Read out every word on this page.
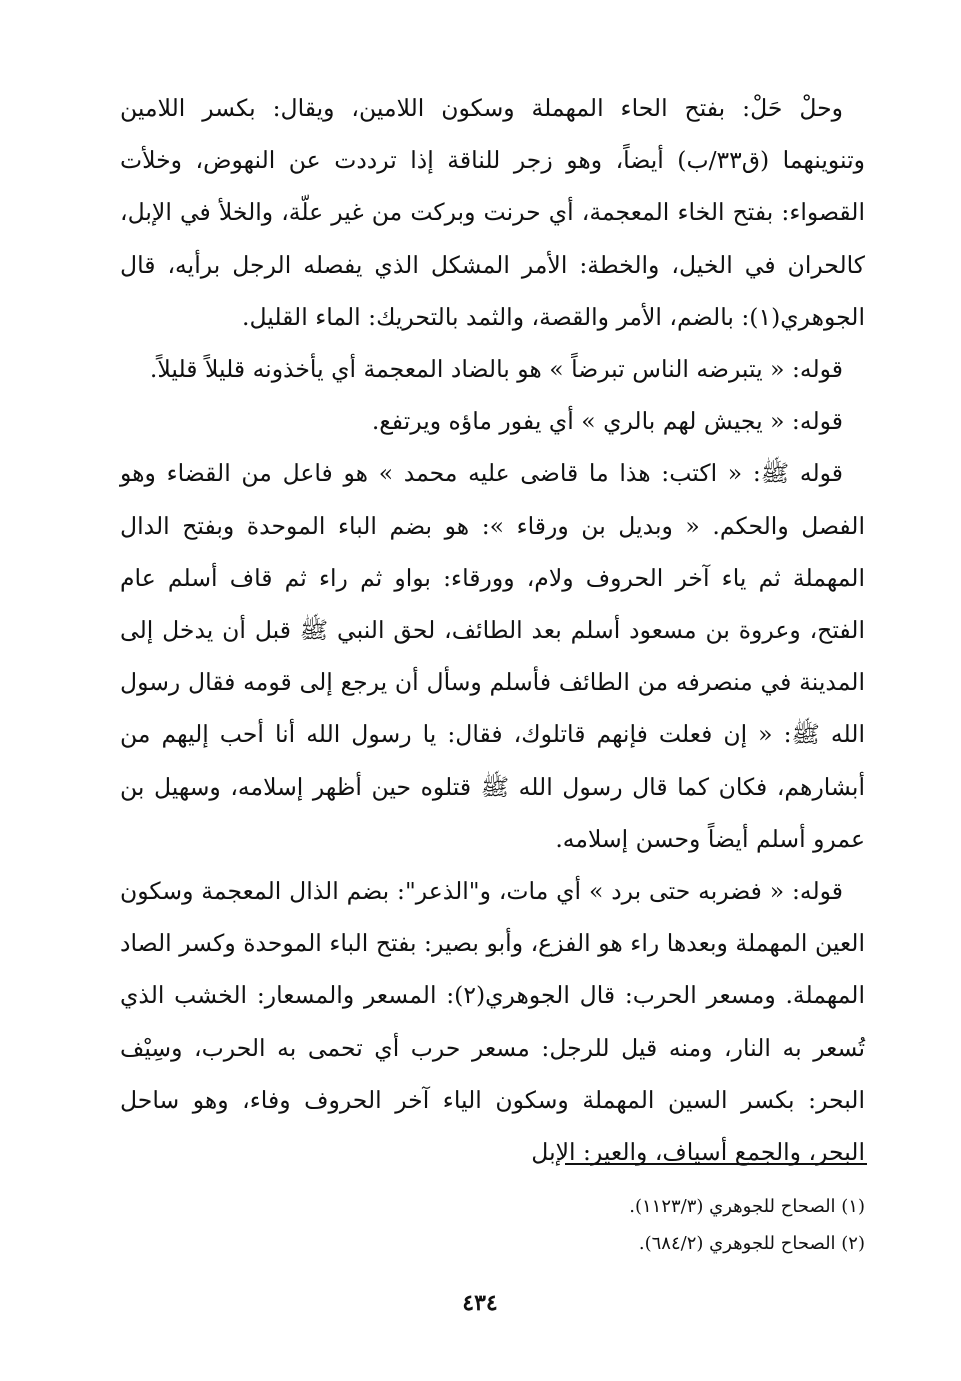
وحلْ حَلْ: بفتح الحاء المهملة وسكون اللامين، ويقال: بكسر اللامين وتنوينهما (ق٣٣/ب) أيضاً، وهو زجر للناقة إذا ترددت عن النهوض، وخلأت القصواء: بفتح الخاء المعجمة، أي حرنت وبركت من غير علّة، والخلأ في الإبل، كالحران في الخيل، والخطة: الأمر المشكل الذي يفصله الرجل برأيه، قال الجوهري(١): بالضم، الأمر والقصة، والثمد بالتحريك: الماء القليل.

قوله: « يتبرضه الناس تبرضاً » هو بالضاد المعجمة أي يأخذونه قليلاً قليلاً.

قوله: « يجيش لهم بالري » أي يفور ماؤه ويرتفع.

قوله ﷺ: « اكتب: هذا ما قاضى عليه محمد » هو فاعل من القضاء وهو الفصل والحكم. « وبديل بن ورقاء »: هو بضم الباء الموحدة وبفتح الدال المهملة ثم ياء آخر الحروف ولام، وورقاء: بواو ثم راء ثم قاف أسلم عام الفتح، وعروة بن مسعود أسلم بعد الطائف، لحق النبي ﷺ قبل أن يدخل إلى المدينة في منصرفه من الطائف فأسلم وسأل أن يرجع إلى قومه فقال رسول الله ﷺ: « إن فعلت فإنهم قاتلوك، فقال: يا رسول الله أنا أحب إليهم من أبشارهم، فكان كما قال رسول الله ﷺ قتلوه حين أظهر إسلامه، وسهيل بن عمرو أسلم أيضاً وحسن إسلامه.

قوله: « فضربه حتى برد » أي مات، و"الذعر": بضم الذال المعجمة وسكون العين المهملة وبعدها راء هو الفزع، وأبو بصير: بفتح الباء الموحدة وكسر الصاد المهملة. ومسعر الحرب: قال الجوهري(٢): المسعر والمسعار: الخشب الذي تُسعر به النار، ومنه قيل للرجل: مسعر حرب أي تحمى به الحرب، وسِيْف البحر: بكسر السين المهملة وسكون الياء آخر الحروف وفاء، وهو ساحل البحر، والجمع أسياف، والعير: الإبل

(١) الصحاح للجوهري (١١٢٣/٣).
(٢) الصحاح للجوهري (٦٨٤/٢).
٤٣٤
